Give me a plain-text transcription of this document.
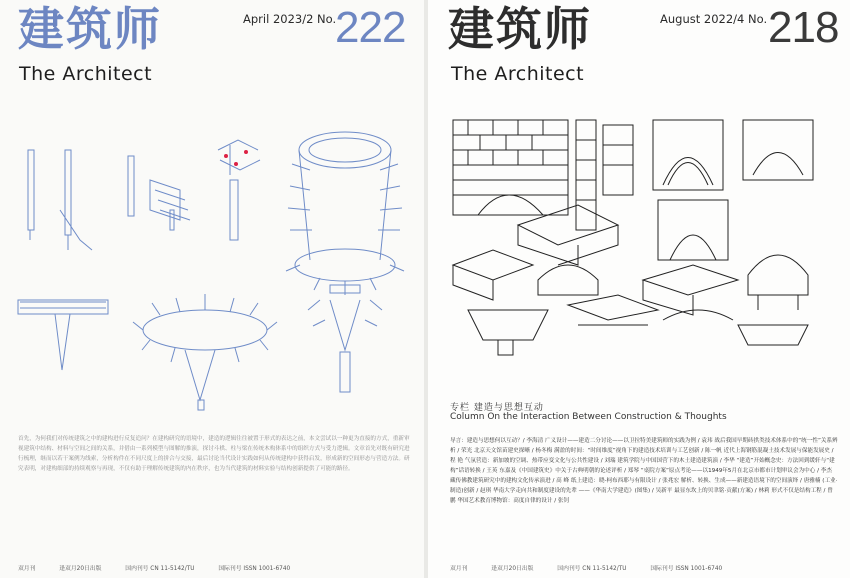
建筑师
The Architect
April 2023/2 No.
222
首先，为何我们对传统建筑之中的建构进行反复追问？在建构研究的语境中，建造的逻辑往往被置于形式的表达之前，本文尝试以一种更为直接的方式，重新审视建筑中结构、材料与空间之间的关系，并借由一系列模型与图解的推演，探讨斗栱、柱与梁在传统木构体系中的组织方式与受力逻辑。文章首先对既有研究进行梳理，继而以若干案例为线索，分析构件在不同尺度上的拼合与交接，最后讨论当代设计实践如何从传统建构中获得启发，形成新的空间形态与营造方法。研究表明，对建构细部的持续观察与再现，不仅有助于理解传统建筑的内在秩序，也为当代建筑的材料实验与结构创新提供了可能的路径。
双月刊	逢双月20日出版	国内刊号 CN 11-5142/TU	国际刊号 ISSN 1001-6740
建筑师
The Architect
August 2022/4 No. 218
专栏 建造与思想互动
Column On the Interaction Between Construction & Thoughts
导言：建造与思想何以互动？/ 李海清 广义设计——建造二分讨论——以卫拉特美建筑师的实践为例 / 袁玮 战后我国早期砖拱类技术体系中的“统一性”关系辨析 / 荣光 北京天文馆苗建史探晰 / 杨冬梅 满盈的时间：“时间维度”视角下的建造技术培训与工艺创新 / 陈一帆 近代上海钢筋混凝土技术发展与保能发展史 / 程 艳 气氛营造：新加坡的空调、热带应变文化与公共性建设 / 刘瑞 建筑学院与中国国营下的木土建造建筑演 / 李华 “建造”开始概念史：方法回到缓轩与“建构”话语转换 / 王英 东嘉及《中国建筑史》中关于古典明朝的论述评析 / 郑琴 “桌院方案”原点考论——以1949年5月在北京市都市计划审议会为中心 / 李杰 藏传佛教建筑研究中的建构文化传承演进 / 高 峰 纸上建造：晓-柯布西耶与有限设计 / 张兆宏 解析、转换、生成——新建造语境下的空间演绎 / 唐雅楠 (工业·制造)创新 / 赵琪 华南大学走向共和制度建设的先辈 ——《华南大学建造》(图集) / 吴新平 最显东坎上的贝聿铭·贡献(方案) / 林莉 形式不仅是结构工程 / 曾鹏 华国艺术教育博物馆：高度自律的设计 / 张钊
双月刊	逢双月20日出版	国内刊号 CN 11-5142/TU	国际刊号 ISSN 1001-6740
